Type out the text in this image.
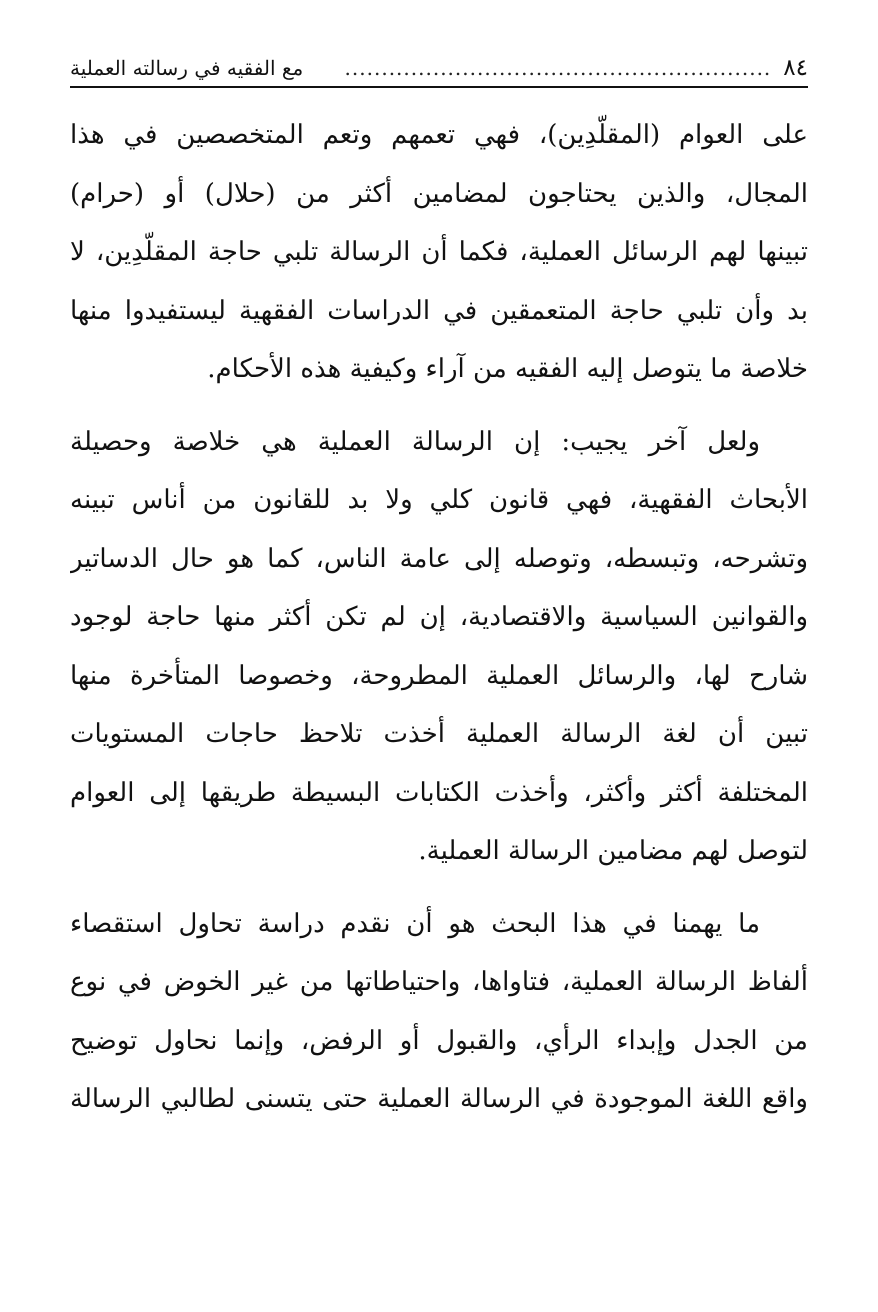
٨٤
..........................................................
مع الفقيه في رسالته العملية
على العوام (المقلّدِين)، فهي تعمهم وتعم المتخصصين في هذا
المجال، والذين يحتاجون لمضامين أكثر من (حلال) أو (حرام)
تبينها لهم الرسائل العملية، فكما أن الرسالة تلبي حاجة المقلّدِين، لا
بد وأن تلبي حاجة المتعمقين في الدراسات الفقهية ليستفيدوا منها
خلاصة ما يتوصل إليه الفقيه من آراء وكيفية هذه الأحكام.
ولعل آخر يجيب: إن الرسالة العملية هي خلاصة وحصيلة
الأبحاث الفقهية، فهي قانون كلي ولا بد للقانون من أناس تبينه
وتشرحه، وتبسطه، وتوصله إلى عامة الناس، كما هو حال الدساتير
والقوانين السياسية والاقتصادية، إن لم تكن أكثر منها حاجة لوجود
شارح لها، والرسائل العملية المطروحة، وخصوصا المتأخرة منها
تبين أن لغة الرسالة العملية أخذت تلاحظ حاجات المستويات
المختلفة أكثر وأكثر، وأخذت الكتابات البسيطة طريقها إلى العوام
لتوصل لهم مضامين الرسالة العملية.
ما يهمنا في هذا البحث هو أن نقدم دراسة تحاول استقصاء
ألفاظ الرسالة العملية، فتاواها، واحتياطاتها من غير الخوض في نوع
من الجدل وإبداء الرأي، والقبول أو الرفض، وإنما نحاول توضيح
واقع اللغة الموجودة في الرسالة العملية حتى يتسنى لطالبي الرسالة
